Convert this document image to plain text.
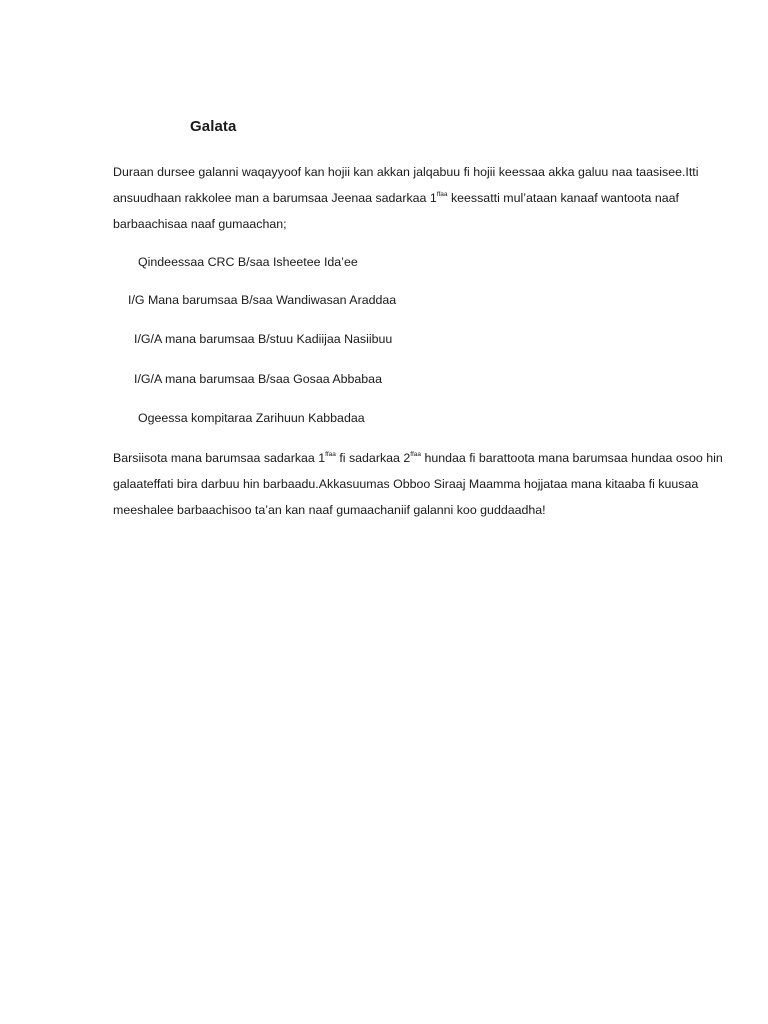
Galata

Duraan dursee galanni waqayyoof kan hojii kan akkan jalqabuu fi hojii keessaa akka galuu naa taasisee.Itti ansuudhaan rakkolee man a barumsaa Jeenaa sadarkaa $1^{ffaa}$ keessatti mul’ataan kanaaf wantoota naaf barbaachisaa naaf gumaachan;

Qindeessaa CRC B/saa Isheetee Ida’ee

I/G Mana barumsaa B/saa Wandiwasan Araddaa

I/G/A mana barumsaa B/stuu Kadiijaa Nasiibuu

I/G/A mana barumsaa B/saa Gosaa Abbabaa

Ogeessa kompitaraa Zarihuun Kabbadaa

Barsiisota mana barumsaa sadarkaa $1^{ffaa}$ fi sadarkaa $2^{ffaa}$ hundaa fi barattoota mana barumsaa hundaa osoo hin galaateffati bira darbuu hin barbaadu.Akkasuumas Obboo Siraaj Maamma hojjataa mana kitaaba fi kuusaa meeshalee barbaachisoo ta’an kan naaf gumaachaniif galanni koo guddaadha!
